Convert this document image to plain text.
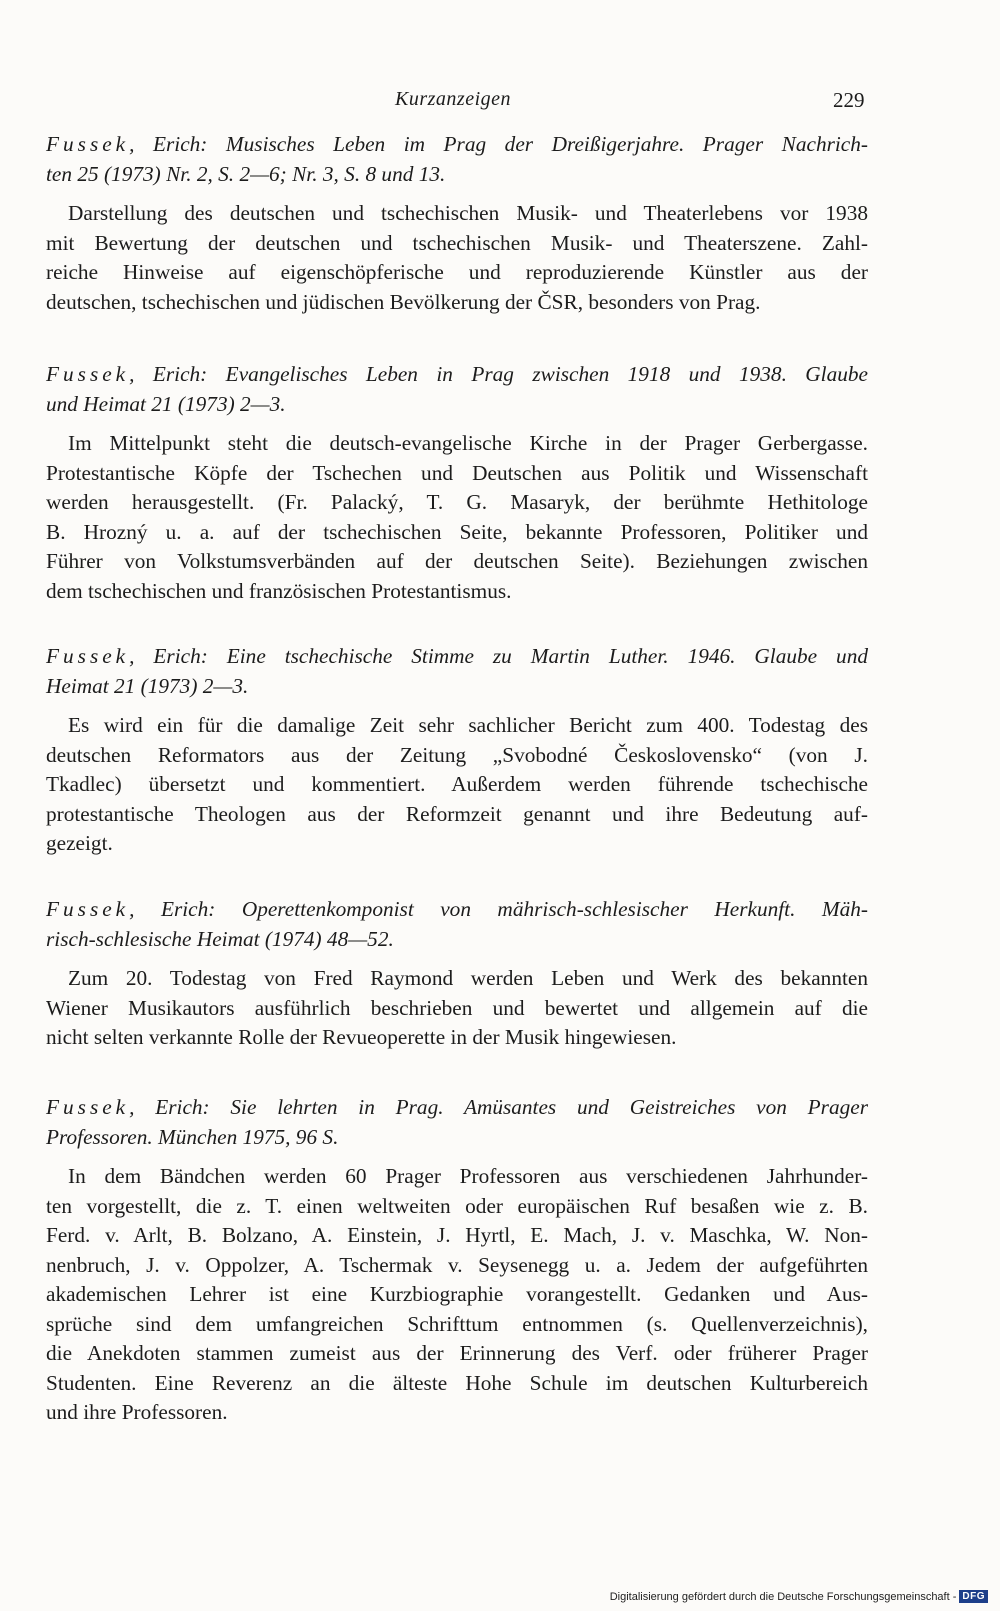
Kurzanzeigen	229
Fussek, Erich: Musisches Leben im Prag der Dreißigerjahre. Prager Nachrich-
ten 25 (1973) Nr. 2, S. 2—6; Nr. 3, S. 8 und 13.
Darstellung des deutschen und tschechischen Musik- und Theaterlebens vor 1938
mit Bewertung der deutschen und tschechischen Musik- und Theaterszene. Zahl-
reiche Hinweise auf eigenschöpferische und reproduzierende Künstler aus der
deutschen, tschechischen und jüdischen Bevölkerung der ČSR, besonders von Prag.
Fussek, Erich: Evangelisches Leben in Prag zwischen 1918 und 1938. Glaube
und Heimat 21 (1973) 2—3.
Im Mittelpunkt steht die deutsch-evangelische Kirche in der Prager Gerbergasse.
Protestantische Köpfe der Tschechen und Deutschen aus Politik und Wissenschaft
werden herausgestellt. (Fr. Palacký, T. G. Masaryk, der berühmte Hethitologe
B. Hrozný u. a. auf der tschechischen Seite, bekannte Professoren, Politiker und
Führer von Volkstumsverbänden auf der deutschen Seite). Beziehungen zwischen
dem tschechischen und französischen Protestantismus.
Fussek, Erich: Eine tschechische Stimme zu Martin Luther. 1946. Glaube und
Heimat 21 (1973) 2—3.
Es wird ein für die damalige Zeit sehr sachlicher Bericht zum 400. Todestag des
deutschen Reformators aus der Zeitung „Svobodné Československo“ (von J.
Tkadlec) übersetzt und kommentiert. Außerdem werden führende tschechische
protestantische Theologen aus der Reformzeit genannt und ihre Bedeutung auf-
gezeigt.
Fussek, Erich: Operettenkomponist von mährisch-schlesischer Herkunft. Mäh-
risch-schlesische Heimat (1974) 48—52.
Zum 20. Todestag von Fred Raymond werden Leben und Werk des bekannten
Wiener Musikautors ausführlich beschrieben und bewertet und allgemein auf die
nicht selten verkannte Rolle der Revueoperette in der Musik hingewiesen.
Fussek, Erich: Sie lehrten in Prag. Amüsantes und Geistreiches von Prager
Professoren. München 1975, 96 S.
In dem Bändchen werden 60 Prager Professoren aus verschiedenen Jahrhunder-
ten vorgestellt, die z. T. einen weltweiten oder europäischen Ruf besaßen wie z. B.
Ferd. v. Arlt, B. Bolzano, A. Einstein, J. Hyrtl, E. Mach, J. v. Maschka, W. Non-
nenbruch, J. v. Oppolzer, A. Tschermak v. Seysenegg u. a. Jedem der aufgeführten
akademischen Lehrer ist eine Kurzbiographie vorangestellt. Gedanken und Aus-
sprüche sind dem umfangreichen Schrifttum entnommen (s. Quellenverzeichnis),
die Anekdoten stammen zumeist aus der Erinnerung des Verf. oder früherer Prager
Studenten. Eine Reverenz an die älteste Hohe Schule im deutschen Kulturbereich
und ihre Professoren.
Digitalisierung gefördert durch die Deutsche Forschungsgemeinschaft - DFG
